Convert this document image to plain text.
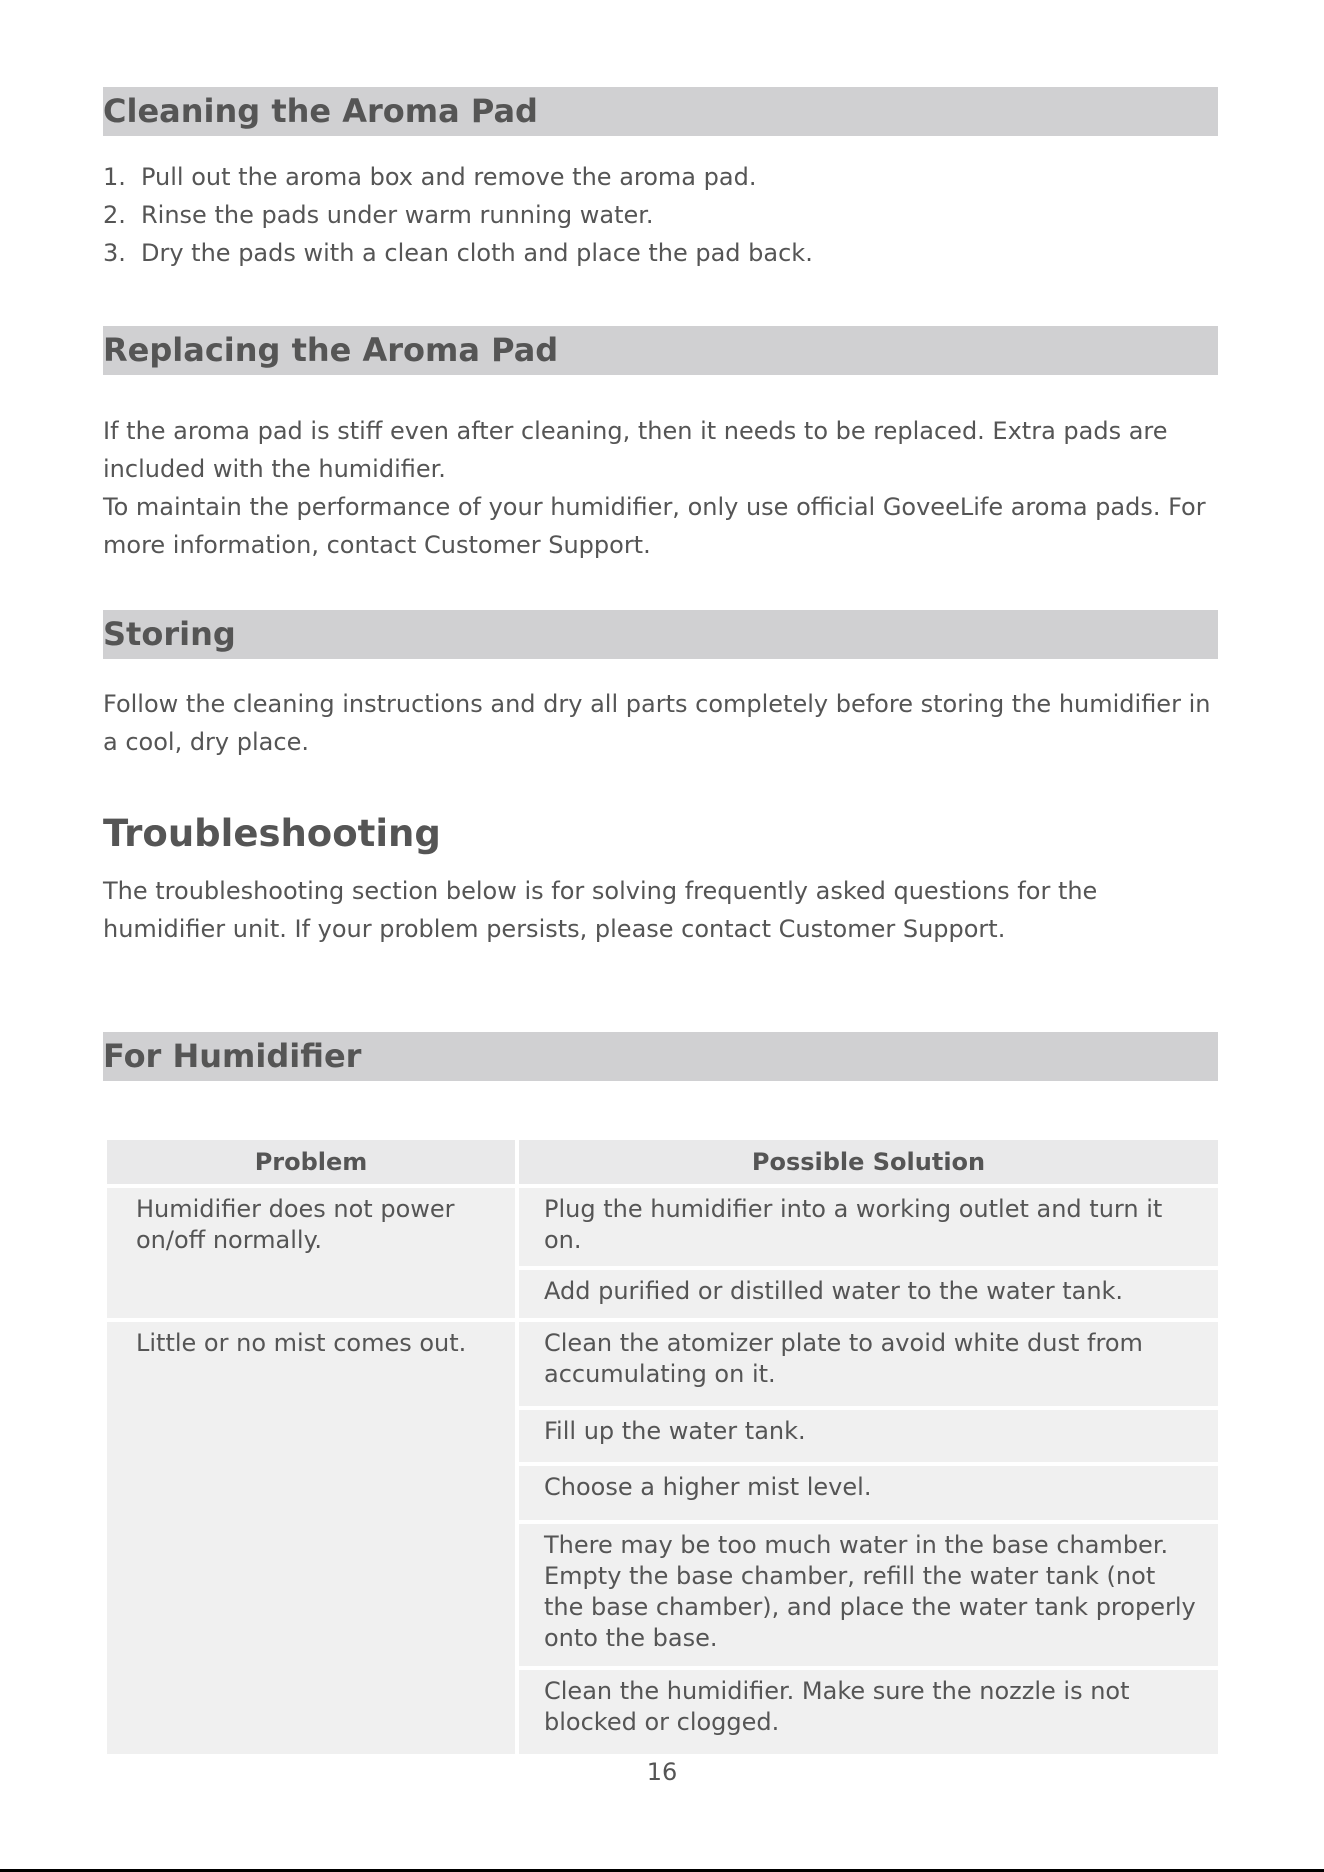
Cleaning the Aroma Pad
1. Pull out the aroma box and remove the aroma pad.
2. Rinse the pads under warm running water.
3. Dry the pads with a clean cloth and place the pad back.
Replacing the Aroma Pad

If the aroma pad is stiff even after cleaning, then it needs to be replaced. Extra pads are included with the humidifier.

To maintain the performance of your humidifier, only use official GoveeLife aroma pads. For more information, contact Customer Support.

Storing

Follow the cleaning instructions and dry all parts completely before storing the humidifier in a cool, dry place.

Troubleshooting

The troubleshooting section below is for solving frequently asked questions for the humidifier unit. If your problem persists, please contact Customer Support.

For Humidifier
Problem	Possible Solution
Humidifier does not power on/off normally.	Plug the humidifier into a working outlet and turn it on.
	Add purified or distilled water to the water tank.
Little or no mist comes out.	Clean the atomizer plate to avoid white dust from accumulating on it.
	Fill up the water tank.
	Choose a higher mist level.
	There may be too much water in the base chamber. Empty the base chamber, refill the water tank (not the base chamber), and place the water tank properly onto the base.
	Clean the humidifier. Make sure the nozzle is not blocked or clogged.
16
